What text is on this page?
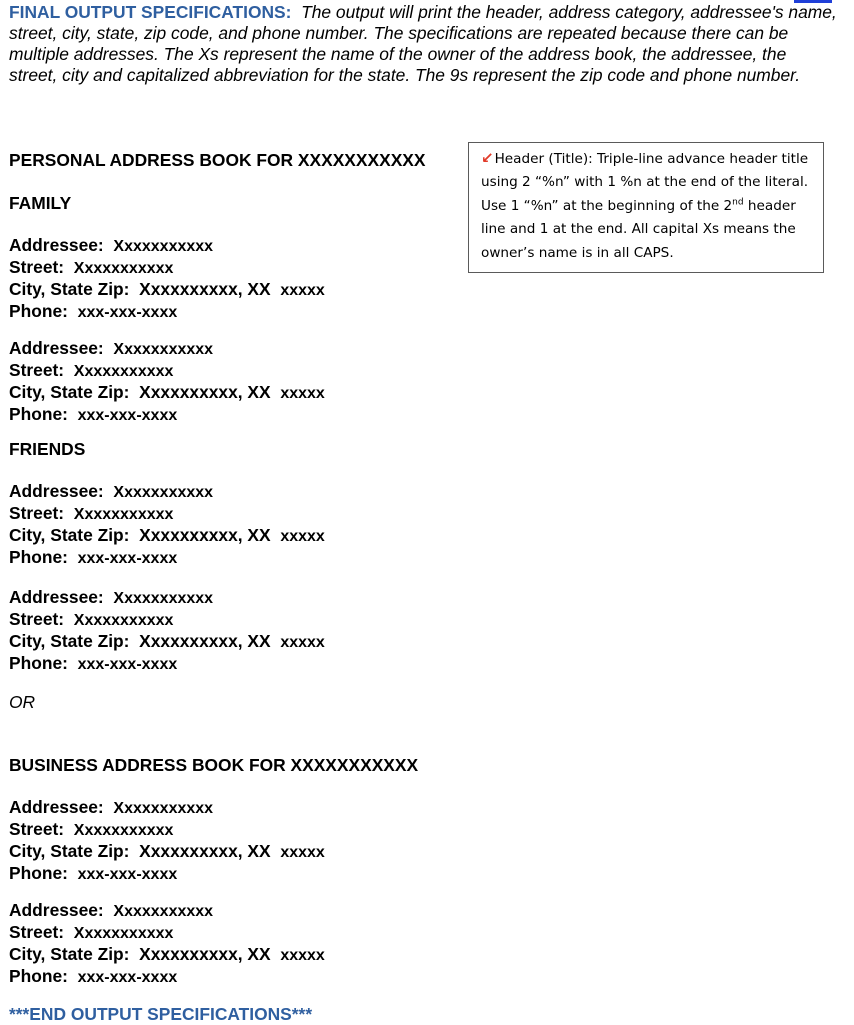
FINAL OUTPUT SPECIFICATIONS: The output will print the header, address category, addressee's name, street, city, state, zip code, and phone number. The specifications are repeated because there can be multiple addresses. The Xs represent the name of the owner of the address book, the addressee, the street, city and capitalized abbreviation for the state. The 9s represent the zip code and phone number.
PERSONAL ADDRESS BOOK FOR XXXXXXXXXXX	↙Header (Title): Triple-line advance header title using 2 “%n” with 1 %n at the end of the literal. Use 1 “%n” at the beginning of the 2nd header line and 1 at the end. All capital Xs means the owner’s name is in all CAPS.
FAMILY
Addressee: Xxxxxxxxxxx
Street: Xxxxxxxxxxx
City, State Zip: Xxxxxxxxxx, XX xxxxx
Phone: xxx-xxx-xxxx
Addressee: Xxxxxxxxxxx
Street: Xxxxxxxxxxx
City, State Zip: Xxxxxxxxxx, XX xxxxx
Phone: xxx-xxx-xxxx
FRIENDS
Addressee: Xxxxxxxxxxx
Street: Xxxxxxxxxxx
City, State Zip: Xxxxxxxxxx, XX xxxxx
Phone: xxx-xxx-xxxx
Addressee: Xxxxxxxxxxx
Street: Xxxxxxxxxxx
City, State Zip: Xxxxxxxxxx, XX xxxxx
Phone: xxx-xxx-xxxx
OR
BUSINESS ADDRESS BOOK FOR XXXXXXXXXXX
Addressee: Xxxxxxxxxxx
Street: Xxxxxxxxxxx
City, State Zip: Xxxxxxxxxx, XX xxxxx
Phone: xxx-xxx-xxxx
Addressee: Xxxxxxxxxxx
Street: Xxxxxxxxxxx
City, State Zip: Xxxxxxxxxx, XX xxxxx
Phone: xxx-xxx-xxxx
***END OUTPUT SPECIFICATIONS***
